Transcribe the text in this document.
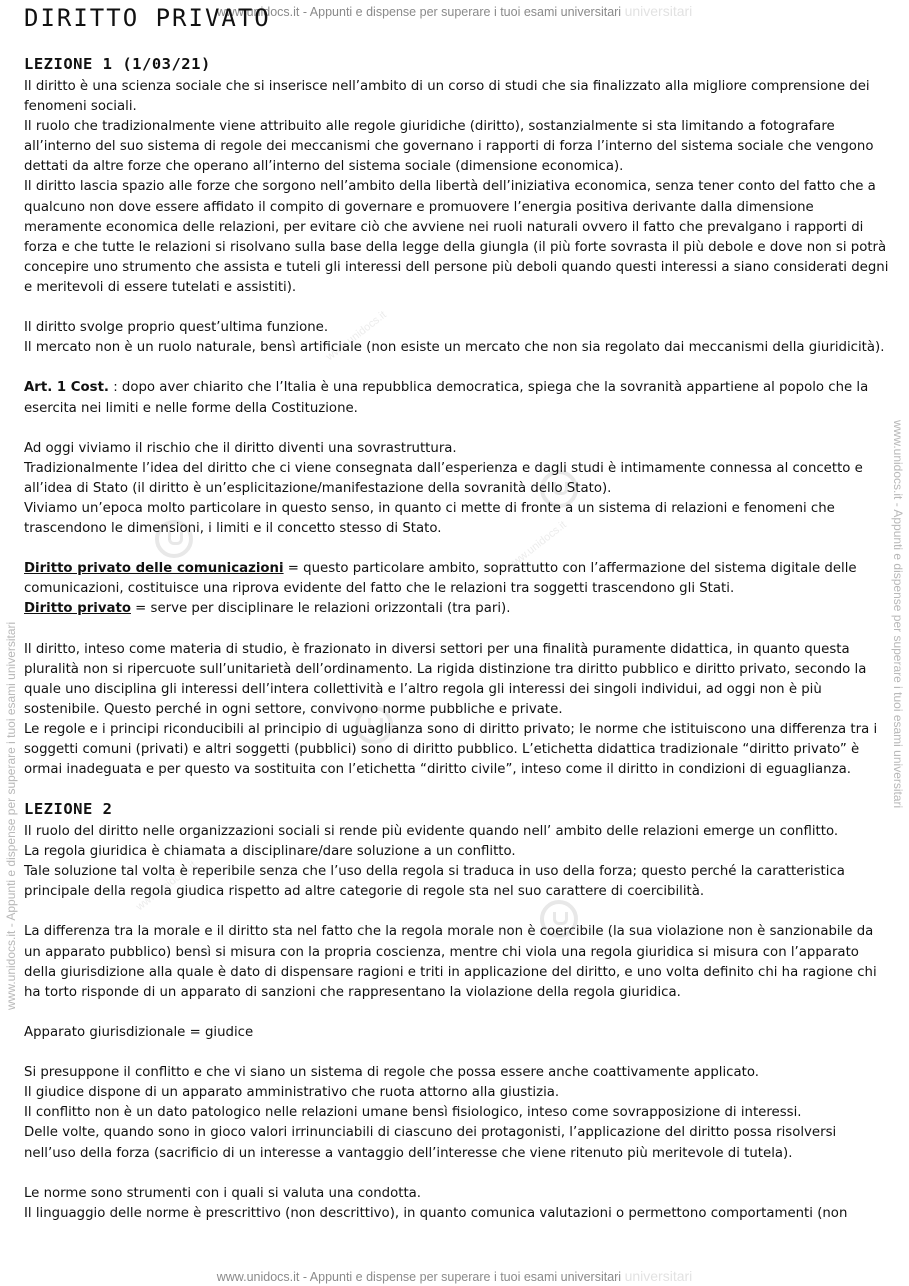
www.unidocs.it - Appunti e dispense per superare i tuoi esami universitari universitari
www.unidocs.it - Appunti e dispense per superare i tuoi esami universitari universitari
www.unidocs.it - Appunti e dispense per superare i tuoi esami universitari
www.unidocs.it - Appunti e dispense per superare i tuoi esami universitari
www.unidocs.it
www.unidocs.it
www.unidocs.it
DIRITTO PRIVATO
LEZIONE 1 (1/03/21)

Il diritto è una scienza sociale che si inserisce nell’ambito di un corso di studi che sia finalizzato alla migliore comprensione dei fenomeni sociali.

Il ruolo che tradizionalmente viene attribuito alle regole giuridiche (diritto), sostanzialmente si sta limitando a fotografare all’interno del suo sistema di regole dei meccanismi che governano i rapporti di forza l’interno del sistema sociale che vengono dettati da altre forze che operano all’interno del sistema sociale (dimensione economica).

Il diritto lascia spazio alle forze che sorgono nell’ambito della libertà dell’iniziativa economica, senza tener conto del fatto che a qualcuno non dove essere affidato il compito di governare e promuovere l’energia positiva derivante dalla dimensione meramente economica delle relazioni, per evitare ciò che avviene nei ruoli naturali ovvero il fatto che prevalgano i rapporti di forza e che tutte le relazioni si risolvano sulla base della legge della giungla (il più forte sovrasta il più debole e dove non si potrà concepire uno strumento che assista e tuteli gli interessi dell persone più deboli quando questi interessi a siano considerati degni e meritevoli di essere tutelati e assistiti).

Il diritto svolge proprio quest’ultima funzione.

Il mercato non è un ruolo naturale, bensì artificiale (non esiste un mercato che non sia regolato dai meccanismi della giuridicità).

Art. 1 Cost. : dopo aver chiarito che l’Italia è una repubblica democratica, spiega che la sovranità appartiene al popolo che la esercita nei limiti e nelle forme della Costituzione.

Ad oggi viviamo il rischio che il diritto diventi una sovrastruttura.

Tradizionalmente l’idea del diritto che ci viene consegnata dall’esperienza e dagli studi è intimamente connessa al concetto e all’idea di Stato (il diritto è un’esplicitazione/manifestazione della sovranità dello Stato).

Viviamo un’epoca molto particolare in questo senso, in quanto ci mette di fronte a un sistema di relazioni e fenomeni che trascendono le dimensioni, i limiti e il concetto stesso di Stato.

Diritto privato delle comunicazioni = questo particolare ambito, soprattutto con l’affermazione del sistema digitale delle comunicazioni, costituisce una riprova evidente del fatto che le relazioni tra soggetti trascendono gli Stati.

Diritto privato = serve per disciplinare le relazioni orizzontali (tra pari).

Il diritto, inteso come materia di studio, è frazionato in diversi settori per una finalità puramente didattica, in quanto questa pluralità non si ripercuote sull’unitarietà dell’ordinamento. La rigida distinzione tra diritto pubblico e diritto privato, secondo la quale uno disciplina gli interessi dell’intera collettività e l’altro regola gli interessi dei singoli individui, ad oggi non è più sostenibile. Questo perché in ogni settore, convivono norme pubbliche e private.

Le regole e i principi riconducibili al principio di uguaglianza sono di diritto privato; le norme che istituiscono una differenza tra i soggetti comuni (privati) e altri soggetti (pubblici) sono di diritto pubblico. L’etichetta didattica tradizionale “diritto privato” è ormai inadeguata e per questo va sostituita con l’etichetta “diritto civile”, inteso come il diritto in condizioni di eguaglianza.

LEZIONE 2

Il ruolo del diritto nelle organizzazioni sociali si rende più evidente quando nell’ ambito delle relazioni emerge un conflitto.

La regola giuridica è chiamata a disciplinare/dare soluzione a un conflitto.

Tale soluzione tal volta è reperibile senza che l’uso della regola si traduca in uso della forza; questo perché la caratteristica principale della regola giudica rispetto ad altre categorie di regole sta nel suo carattere di coercibilità.

La differenza tra la morale e il diritto sta nel fatto che la regola morale non è coercibile (la sua violazione non è sanzionabile da un apparato pubblico) bensì si misura con la propria coscienza, mentre chi viola una regola giuridica si misura con l’apparato della giurisdizione alla quale è dato di dispensare ragioni e triti in applicazione del diritto, e uno volta definito chi ha ragione chi ha torto risponde di un apparato di sanzioni che rappresentano la violazione della regola giuridica.

Apparato giurisdizionale = giudice

Si presuppone il conflitto e che vi siano un sistema di regole che possa essere anche coattivamente applicato.

Il giudice dispone di un apparato amministrativo che ruota attorno alla giustizia.

Il conflitto non è un dato patologico nelle relazioni umane bensì fisiologico, inteso come sovrapposizione di interessi.

Delle volte, quando sono in gioco valori irrinunciabili di ciascuno dei protagonisti, l’applicazione del diritto possa risolversi nell’uso della forza (sacrificio di un interesse a vantaggio dell’interesse che viene ritenuto più meritevole di tutela).

Le norme sono strumenti con i quali si valuta una condotta.

Il linguaggio delle norme è prescrittivo (non descrittivo), in quanto comunica valutazioni o permettono comportamenti (non
